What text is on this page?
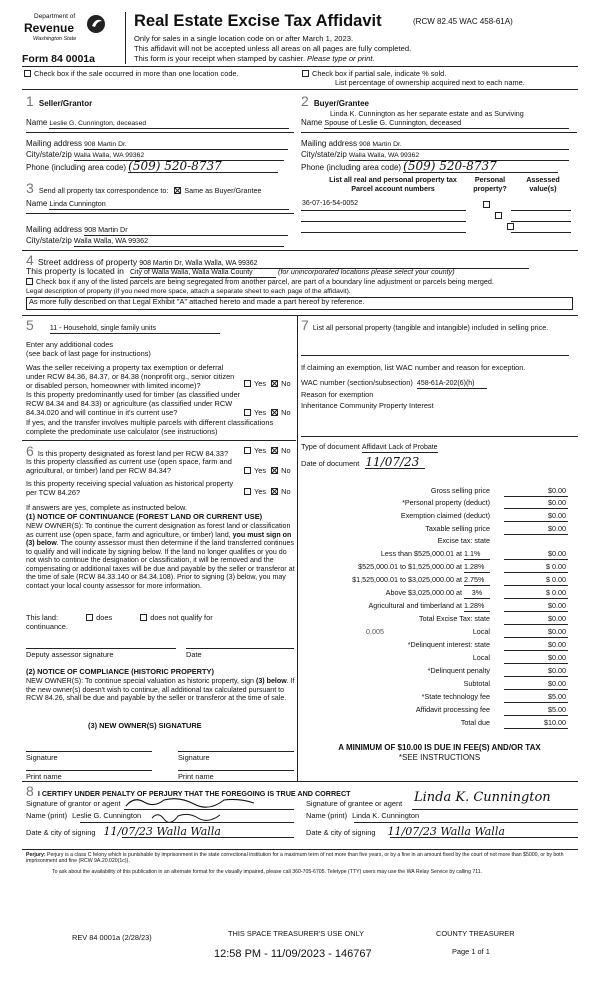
Department of
Revenue
Washington State
Form 84 0001a
Real Estate Excise Tax Affidavit	(RCW 82.45 WAC 458-61A)
Only for sales in a single location code on or after March 1, 2023.
This affidavit will not be accepted unless all areas on all pages are fully completed.
This form is your receipt when stamped by cashier. Please type or print.
Check box if the sale occurred in more than one location code.	Check box if partial sale, indicate % sold.
List percentage of ownership acquired next to each name.
1 Seller/Grantor
Name Leslie G. Cunnington, deceased
Mailing address 908 Martin Dr.
City/state/zip Walla Walla, WA 99362
Phone (including area code) (509) 520-8737
2 Buyer/Grantee
Linda K. Cunnington as her separate estate and as Surviving
Name Spouse of Leslie G. Cunnington, deceased
Mailing address 908 Martin Dr.
City/state/zip Walla Walla, WA 99362
Phone (including area code) (509) 520-8737
3 Send all property tax correspondence to: Same as Buyer/Grantee
Name Linda Cunnington
Mailing address 908 Martin Dr
City/state/zip Walla Walla, WA 99362
List all real and personal property tax
Parcel account numbers
Personal
property?
Assessed
value(s)
36-07-16-54-0052

4 Street address of property 908 Martin Dr, Walla Walla, WA 99362
This property is located in City of Walla Walla, Walla Walla County	(for unincorporated locations please select your county)
Check box if any of the listed parcels are being segregated from another parcel, are part of a boundary line adjustment or parcels being merged.
Legal description of property (if you need more space, attach a separate sheet to each page of the affidavit).
As more fully described on that Legal Exhibit "A" attached hereto and made a part hereof by reference.
5 11 - Household, single family units
Enter any additional codes
(see back of last page for instructions)
Was the seller receiving a property tax exemption or deferral under RCW 84.36, 84.37, or 84.38 (nonprofit org., senior citizen or disabled person, homeowner with limited income)?	Yes No
Is this property predominantly used for timber (as classified under RCW 84.34 and 84.33) or agriculture (as classified under RCW 84.34.020 and will continue in it's current use?	Yes No
If yes, and the transfer involves multiple parcels with different classifications complete the predominate use calculator (see instructions)
6 Is this property designated as forest land per RCW 84.33?	Yes No
Is this property classified as current use (open space, farm and agricultural, or timber) land per RCW 84.34?	Yes No
Is this property receiving special valuation as historical property per TCW 84.26?	Yes No
If answers are yes, complete as instructed below.
(1) NOTICE OF CONTINUANCE (FOREST LAND OR CURRENT USE)
NEW OWNER(S): To continue the current designation as forest land or classification as current use (open space, farm and agriculture, or timber) land, you must sign on (3) below. The county assessor must then determine if the land transferred continues to qualify and will indicate by signing below. If the land no longer qualifies or you do not wish to continue the designation or classification, it will be removed and the compensating or additional taxes will be due and payable by the seller or transferor at the time of sale (RCW 84.33.140 or 84.34.108). Prior to signing (3) below, you may contact your local county assessor for more information.
This land:	does	does not qualify for
continuance.
Deputy assessor signature	Date
(2) NOTICE OF COMPLIANCE (HISTORIC PROPERTY)
NEW OWNER(S): To continue special valuation as historic property, sign (3) below. If the new owner(s) doesn't wish to continue, all additional tax calculated pursuant to RCW 84.26, shall be due and payable by the seller or transferor at the time of sale.
(3) NEW OWNER(S) SIGNATURE
Signature	Signature
Print name	Print name
7 List all personal property (tangible and intangible) included in selling price.
If claiming an exemption, list WAC number and reason for exception.
WAC number (section/subsection) 458-61A-202(6)(h)
Reason for exemption
Inheritance Community Property Interest
Type of document Affidavit Lack of Probate
Date of document 11/07/23
Gross selling price	$0.00
*Personal property (deduct)	$0.00
Exemption claimed (deduct)	$0.00
Taxable selling price	$0.00
Excise tax: state
Less than $525,000.01 at 1.1%	$0.00
$525,000.01 to $1,525,000.00 at 1.28%	$ 0.00
$1,525,000.01 to $3,025,000.00 at 2.75%	$ 0.00
Above $3,025,000.00 at 3%	$ 0.00
Agricultural and timberland at 1.28%	$0.00
Total Excise Tax: state	$0.00
0.005	Local	$0.00
*Delinquent interest: state	$0.00
Local	$0.00
*Delinquent penalty	$0.00
Subtotal	$0.00
*State technology fee	$5.00
Affidavit processing fee	$5.00
Total due	$10.00
A MINIMUM OF $10.00 IS DUE IN FEE(S) AND/OR TAX
*SEE INSTRUCTIONS
8 I CERTIFY UNDER PENALTY OF PERJURY THAT THE FOREGOING IS TRUE AND CORRECT
Signature of grantor or agent
Name (print) Leslie G. Cunnington
Date & city of signing 11/07/23 Walla Walla
Signature of grantee or agent Linda K. Cunnington
Name (print) Linda K. Cunnington
Date & city of signing 11/07/23 Walla Walla
Perjury: Perjury is a class C felony which is punishable by imprisonment in the state correctional institution for a maximum term of not more than five years, or by a fine in an amount fixed by the court of not more than $5000, or by both imprisonment and fine (RCW 9A.20.020(1c)).
To ask about the availability of this publication in an alternate format for the visually impaired, please call 360-705-6705. Teletype (TTY) users may use the WA Relay Service by calling 711.
REV 84 0001a (2/28/23)	THIS SPACE TREASURER'S USE ONLY	COUNTY TREASURER
Page 1 of 1
12:58 PM - 11/09/2023 - 146767
